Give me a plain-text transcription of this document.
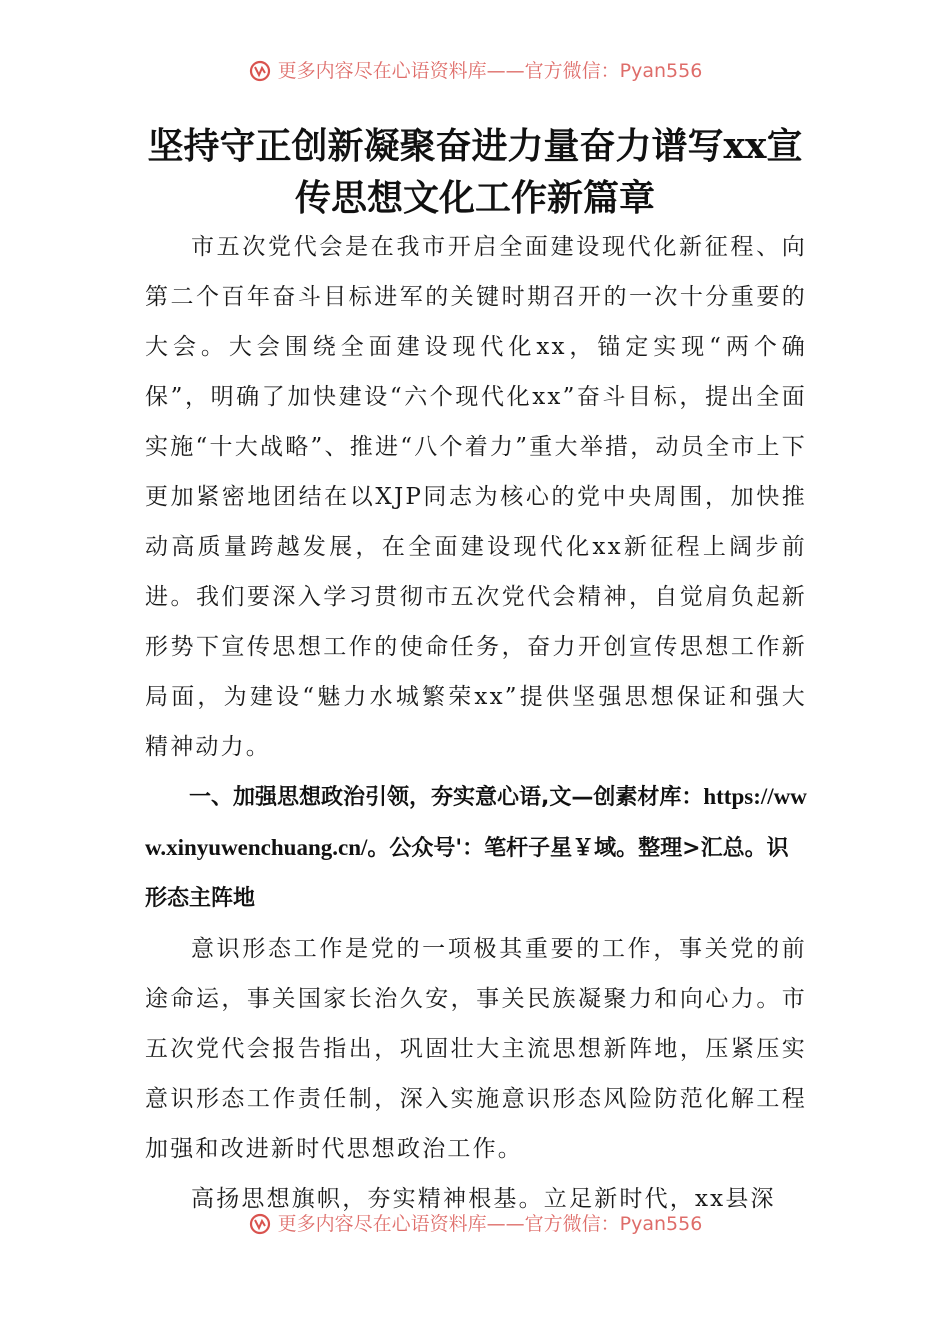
更多内容尽在心语资料库——官方微信：Pyan556
坚持守正创新凝聚奋进力量奋力谱写xx宣传思想文化工作新篇章

市五次党代会是在我市开启全面建设现代化新征程、向第二个百年奋斗目标进军的关键时期召开的一次十分重要的大会。大会围绕全面建设现代化xx，锚定实现“两个确保”，明确了加快建设“六个现代化xx”奋斗目标，提出全面实施“十大战略”、推进“八个着力”重大举措，动员全市上下更加紧密地团结在以XJP同志为核心的党中央周围，加快推动高质量跨越发展，在全面建设现代化xx新征程上阔步前进。我们要深入学习贯彻市五次党代会精神，自觉肩负起新形势下宣传思想工作的使命任务，奋力开创宣传思想工作新局面，为建设“魅力水城繁荣xx”提供坚强思想保证和强大精神动力。

一、加强思想政治引领，夯实意心语,文—创素材库：https://www.xinyuwenchuang.cn/。公众号'：笔杆子星￥域。整理>汇总。识形态主阵地

意识形态工作是党的一项极其重要的工作，事关党的前途命运，事关国家长治久安，事关民族凝聚力和向心力。市五次党代会报告指出，巩固壮大主流思想新阵地，压紧压实意识形态工作责任制，深入实施意识形态风险防范化解工程加强和改进新时代思想政治工作。

高扬思想旗帜，夯实精神根基。立足新时代，xx县深

更多内容尽在心语资料库——官方微信：Pyan556
